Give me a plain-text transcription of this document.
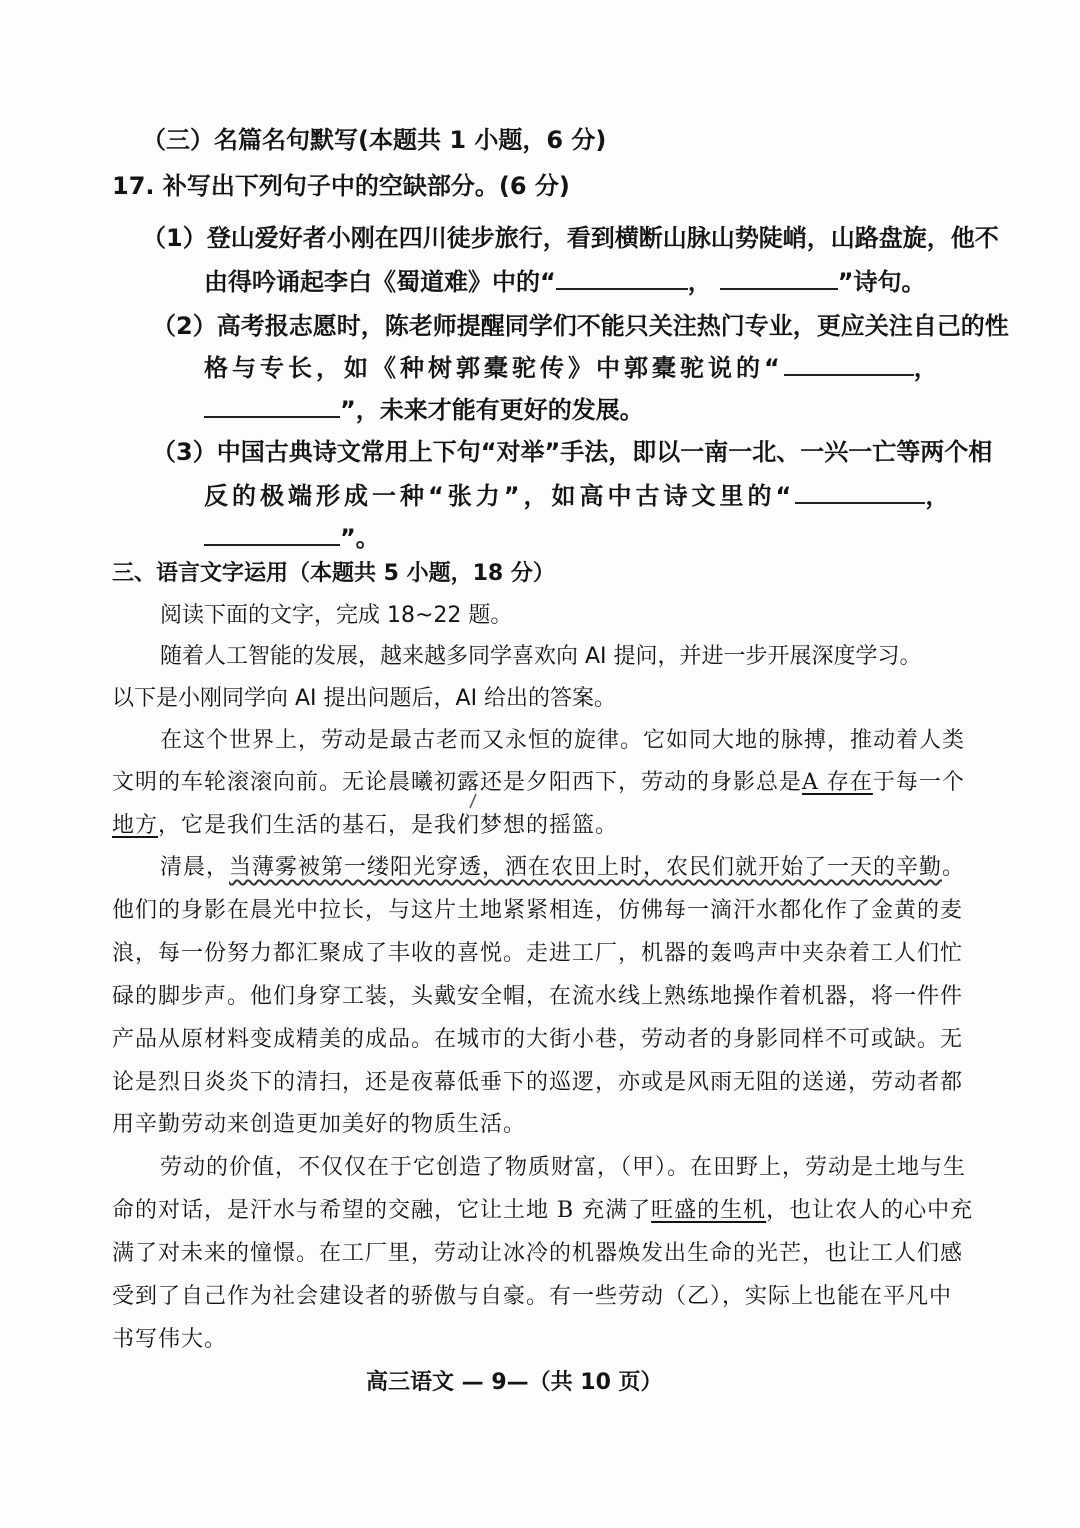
（三）名篇名句默写(本题共 1 小题，6 分)
17. 补写出下列句子中的空缺部分。(6 分)
（1）登山爱好者小刚在四川徒步旅行，看到横断山脉山势陡峭，山路盘旋，他不
由得吟诵起李白《蜀道难》中的“	，	”诗句。
（2）高考报志愿时，陈老师提醒同学们不能只关注热门专业，更应关注自己的性
格与专长，如《种树郭橐驼传》中郭橐驼说的“	，
”，未来才能有更好的发展。
（3）中国古典诗文常用上下句“对举”手法，即以一南一北、一兴一亡等两个相
反的极端形成一种“张力”，如高中古诗文里的“	，
”。
三、语言文字运用（本题共 5 小题，18 分）
阅读下面的文字，完成 18~22 题。
随着人工智能的发展，越来越多同学喜欢向 AI 提问，并进一步开展深度学习。
以下是小刚同学向 AI 提出问题后，AI 给出的答案。
在这个世界上，劳动是最古老而又永恒的旋律。它如同大地的脉搏，推动着人类
文明的车轮滚滚向前。无论晨曦初露还是夕阳西下，劳动的身影总是A 存在于每一个
地方，它是我们生活的基石，是我们梦想的摇篮。
清晨，当薄雾被第一缕阳光穿透，洒在农田上时，农民们就开始了一天的辛勤。
他们的身影在晨光中拉长，与这片土地紧紧相连，仿佛每一滴汗水都化作了金黄的麦
浪，每一份努力都汇聚成了丰收的喜悦。走进工厂，机器的轰鸣声中夹杂着工人们忙
碌的脚步声。他们身穿工装，头戴安全帽，在流水线上熟练地操作着机器，将一件件
产品从原材料变成精美的成品。在城市的大街小巷，劳动者的身影同样不可或缺。无
论是烈日炎炎下的清扫，还是夜幕低垂下的巡逻，亦或是风雨无阻的送递，劳动者都
用辛勤劳动来创造更加美好的物质生活。
劳动的价值，不仅仅在于它创造了物质财富，（甲）。在田野上，劳动是土地与生
命的对话，是汗水与希望的交融，它让土地 B 充满了旺盛的生机，也让农人的心中充
满了对未来的憧憬。在工厂里，劳动让冰冷的机器焕发出生命的光芒，也让工人们感
受到了自己作为社会建设者的骄傲与自豪。有一些劳动（乙），实际上也能在平凡中
书写伟大。
高三语文 — 9—（共 10 页）
